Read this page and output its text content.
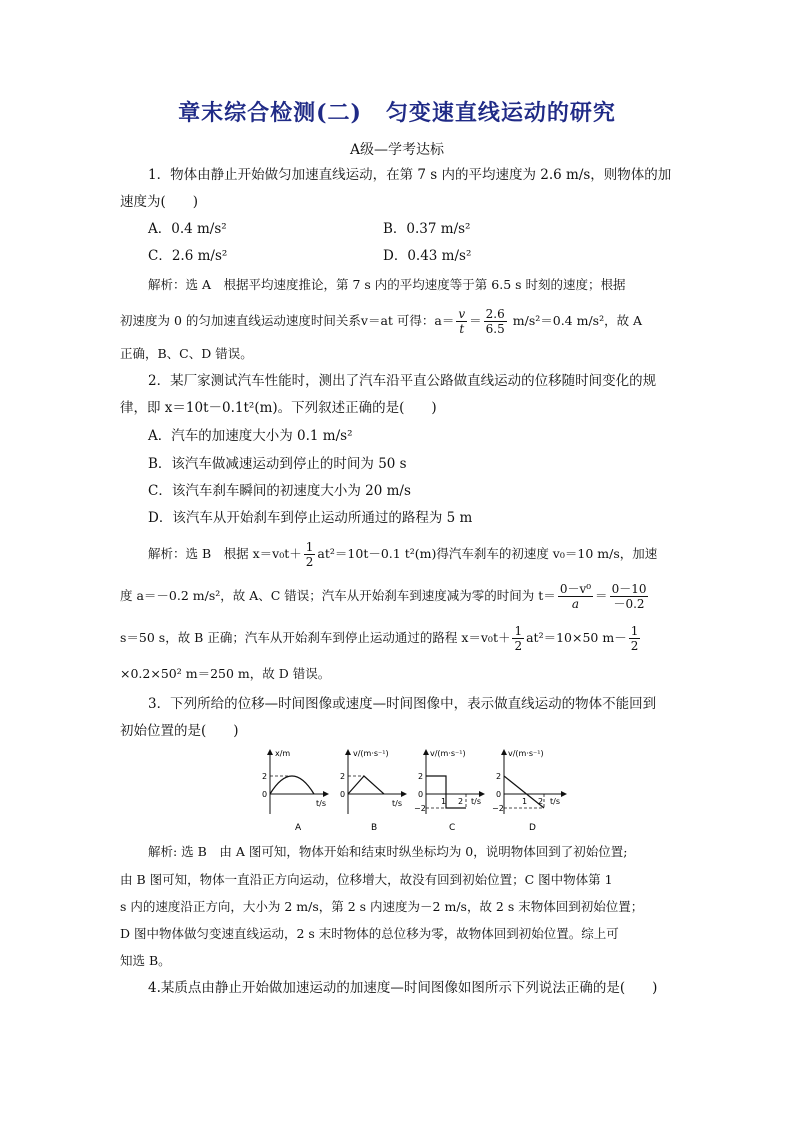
章末综合检测(二) 匀变速直线运动的研究
A级—学考达标
1．物体由静止开始做匀加速直线运动，在第 7 s 内的平均速度为 2.6 m/s，则物体的加
速度为(　　)
A．0.4 m/s²	B．0.37 m/s²
C．2.6 m/s²	D．0.43 m/s²
解析：选 A　根据平均速度推论，第 7 s 内的平均速度等于第 6.5 s 时刻的速度；根据
初速度为 0 的匀加速直线运动速度时间关系v＝at 可得：$a= \frac{v}{t} = \frac{2.6}{6.5} m/s^2=0.4$ m/s²，故 A
正确，B、C、D 错误。
2．某厂家测试汽车性能时，测出了汽车沿平直公路做直线运动的位移随时间变化的规
律，即 x＝10t－0.1t²(m)。下列叙述正确的是(　　)
A．汽车的加速度大小为 0.1 m/s²
B．该汽车做减速运动到停止的时间为 50 s
C．该汽车刹车瞬间的初速度大小为 20 m/s
D．该汽车从开始刹车到停止运动所通过的路程为 5 m
解析：选 B　根据 $x=v_0t+ \frac{1}{2} at^2=10t-0.1$ t²(m)得汽车刹车的初速度 v₀＝10 m/s，加速
度 a＝－0.2 m/s²，故 A、C 错误；汽车从开始刹车到速度减为零的时间为 $t= \frac{\text{0－v⁰}}{a} = \frac{0-10}{-0.2}$
s＝50 s，故 B 正确；汽车从开始刹车到停止运动通过的路程 $x=v_0t+ \frac{1}{2} at^2=10\times 50$ $m- \frac{1}{2}$
×0.2×50² m＝250 m，故 D 错误。
3．下列所给的位移—时间图像或速度—时间图像中，表示做直线运动的物体不能回到
初始位置的是(　　)
x/m
2
0
t/s
A
v/(m·s⁻¹)
2
0
t/s
B
v/(m·s⁻¹)
2
0
−2
1 2 t/s
C
v/(m·s⁻¹)
2
0
−2
1 2 t/s
D
解析: 选 B　由 A 图可知，物体开始和结束时纵坐标均为 0，说明物体回到了初始位置;
由 B 图可知，物体一直沿正方向运动，位移增大，故没有回到初始位置；C 图中物体第 1
s 内的速度沿正方向，大小为 2 m/s，第 2 s 内速度为－2 m/s，故 2 s 末物体回到初始位置；
D 图中物体做匀变速直线运动，2 s 末时物体的总位移为零，故物体回到初始位置。综上可
知选 B。
4.某质点由静止开始做加速运动的加速度—时间图像如图所示下列说法正确的是(　　)
